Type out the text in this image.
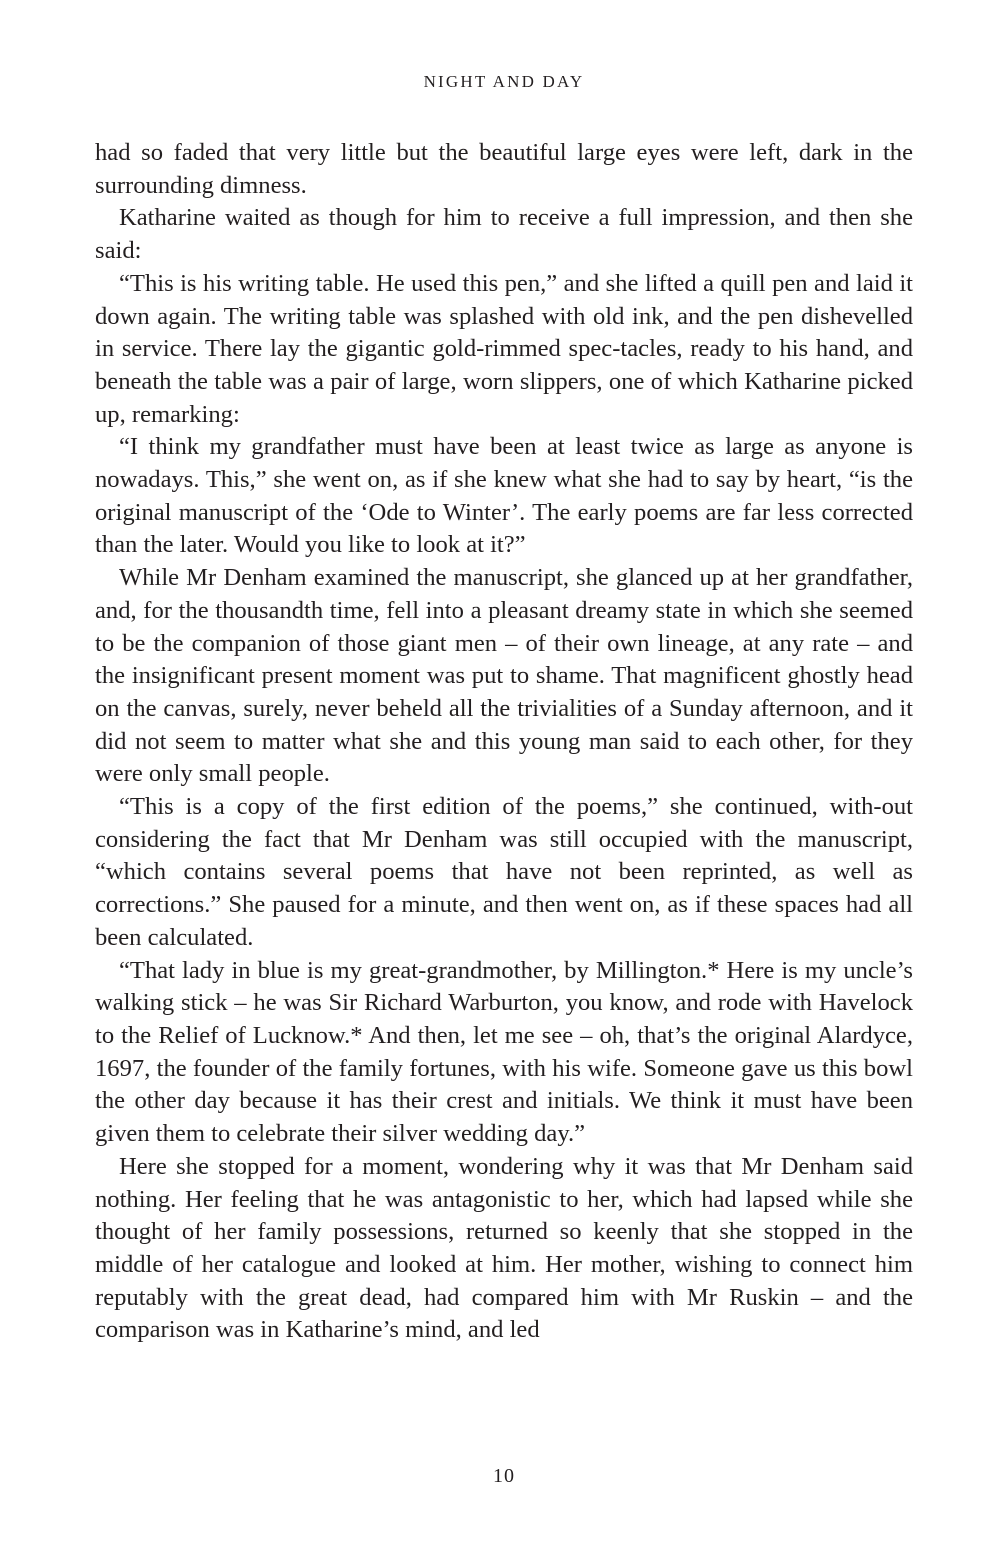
NIGHT AND DAY

had so faded that very little but the beautiful large eyes were left, dark in the surrounding dimness.

Katharine waited as though for him to receive a full impression, and then she said:

“This is his writing table. He used this pen,” and she lifted a quill pen and laid it down again. The writing table was splashed with old ink, and the pen dishevelled in service. There lay the gigantic gold-rimmed spec-tacles, ready to his hand, and beneath the table was a pair of large, worn slippers, one of which Katharine picked up, remarking:

“I think my grandfather must have been at least twice as large as anyone is nowadays. This,” she went on, as if she knew what she had to say by heart, “is the original manuscript of the ‘Ode to Winter’. The early poems are far less corrected than the later. Would you like to look at it?”

While Mr Denham examined the manuscript, she glanced up at her grandfather, and, for the thousandth time, fell into a pleasant dreamy state in which she seemed to be the companion of those giant men – of their own lineage, at any rate – and the insignificant present moment was put to shame. That magnificent ghostly head on the canvas, surely, never beheld all the trivialities of a Sunday afternoon, and it did not seem to matter what she and this young man said to each other, for they were only small people.

“This is a copy of the first edition of the poems,” she continued, with-out considering the fact that Mr Denham was still occupied with the manuscript, “which contains several poems that have not been reprinted, as well as corrections.” She paused for a minute, and then went on, as if these spaces had all been calculated.

“That lady in blue is my great-grandmother, by Millington.* Here is my uncle’s walking stick – he was Sir Richard Warburton, you know, and rode with Havelock to the Relief of Lucknow.* And then, let me see – oh, that’s the original Alardyce, 1697, the founder of the family fortunes, with his wife. Someone gave us this bowl the other day because it has their crest and initials. We think it must have been given them to celebrate their silver wedding day.”

Here she stopped for a moment, wondering why it was that Mr Denham said nothing. Her feeling that he was antagonistic to her, which had lapsed while she thought of her family possessions, returned so keenly that she stopped in the middle of her catalogue and looked at him. Her mother, wishing to connect him reputably with the great dead, had compared him with Mr Ruskin – and the comparison was in Katharine’s mind, and led

10
